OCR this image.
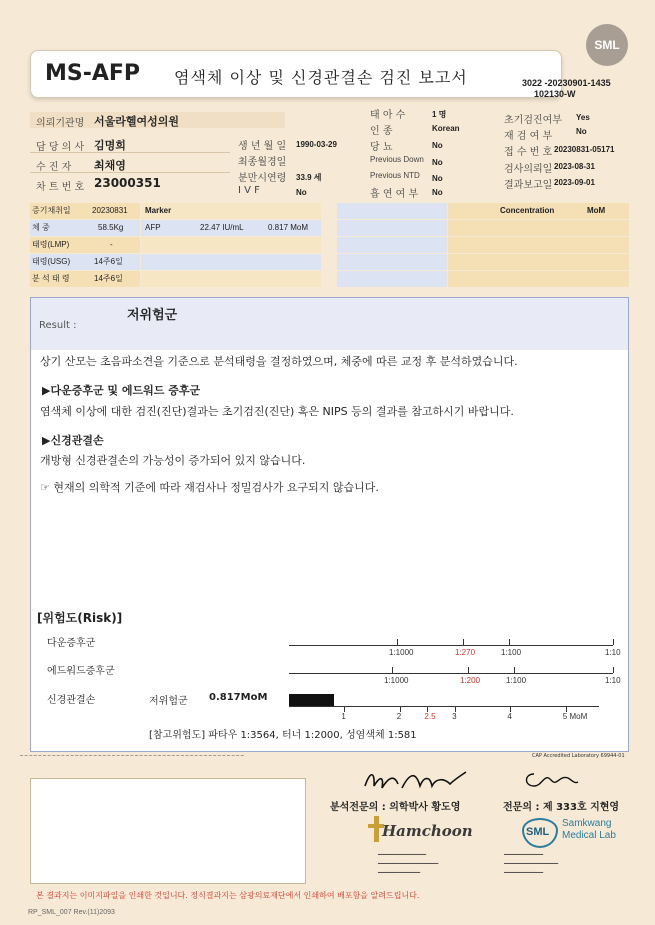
MS-AFP 염색체 이상 및 신경관결손 검진 보고서
SML
3022 -20230901-1435
102130-W
의뢰기관명 서울라헬여성의원
담 당 의 사 김명희
수 진 자 최채영
차 트 번 호 23000351
생 년 월 일 1990-03-29
최종월경일
분만시연령 33.9 세
I V F	No
태 아 수	1 명
인 종	Korean
당 뇨	No
Previous Down No
Previous NTD No
흡 연 여 부 No
초기검진여부 Yes
재 검 여 부	No
접 수 번 호 20230831-05171
검사의뢰일 2023-08-31
결과보고일 2023-09-01
증기채취일	20230831
체 중	58.5Kg
태령(LMP)	-
태령(USG)	14주6일
분 석 태 령	14주6일
Marker
AFP	22.47 IU/mL	0.817 MoM
Concentration	MoM
Result :
저위험군
상기 산모는 초음파소견을 기준으로 분석태령을 결정하였으며, 체중에 따른 교정 후 분석하였습니다.
▶다운증후군 및 에드워드 증후군
염색체 이상에 대한 검진(진단)결과는 초기검진(진단) 혹은 NIPS 등의 결과를 참고하시기 바랍니다.
▶신경관결손
개방형 신경관결손의 가능성이 증가되어 있지 않습니다.
☞ 현재의 의학적 기준에 따라 재검사나 정밀검사가 요구되지 않습니다.
[위험도(Risk)]
다운증후군
에드워드증후군
신경관결손	저위험군 0.817MoM
1:1000	1:270	1:100	1:10
1:1000	1:200	1:100	1:10
1	2	2.5 3	4	5 MoM
[참고위험도] 파타우 1:3564, 터너 1:2000, 성염색체 1:581
─ ─ ─ ─ ─ ─ ─ ─ ─ ─ ─ ─ ─ ─ ─ ─ ─ ─ ─ ─ ─ ─ ─ ─ ─ ─ ─ ─ ─ ─ ─ ─ ─ ─ ─ ─ ─ ─ ─ ─ ─ ─ ─ ─ ─ ─ ─ ─ ─	CAP Accredited Laboratory 69944-01
분석전문의 : 의학박사 황도영	전문의 : 제 333호 지현영
Hamchoon
━━━━━━━━━━━━━━━━
━━━━━━━━━━━━━━━━━━━━
━━━━━━━━━━━━━━
SML
Samkwang
Medical Lab
━━━━━━━━━━━━━
━━━━━━━━━━━━━━━━━━
━━━━━━━━━━━━━
본 결과지는 이미지파일을 인쇄한 것입니다. 정식결과지는 삼광의료재단에서 인쇄하여 배포함을 알려드립니다.
RP_SML_007 Rev.(11)2093
